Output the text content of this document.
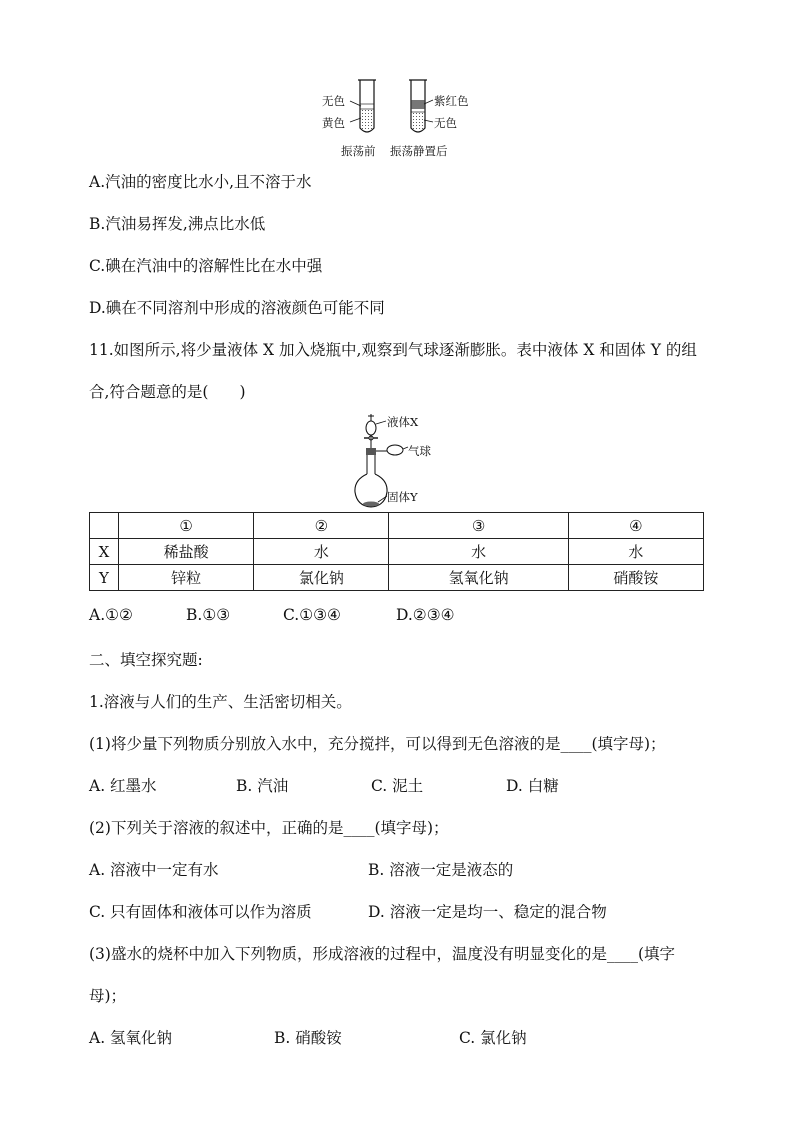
无色
黄色
紫红色
无色
振荡前 振荡静置后
A.汽油的密度比水小,且不溶于水
B.汽油易挥发,沸点比水低
C.碘在汽油中的溶解性比在水中强
D.碘在不同溶剂中形成的溶液颜色可能不同
11.如图所示,将少量液体 X 加入烧瓶中,观察到气球逐渐膨胀。表中液体 X 和固体 Y 的组
合,符合题意的是(　　)
液体X
气球
固体Y
	①	②	③	④
X	稀盐酸	水	水	水
Y	锌粒	氯化钠	氢氧化钠	硝酸铵
A.①②	B.①③	C.①③④	D.②③④
二、填空探究题:
1.溶液与人们的生产、生活密切相关。
(1)将少量下列物质分别放入水中，充分搅拌，可以得到无色溶液的是____(填字母)；
A. 红墨水	B. 汽油	C. 泥土	D. 白糖
(2)下列关于溶液的叙述中，正确的是____(填字母)；
A. 溶液中一定有水	B. 溶液一定是液态的
C. 只有固体和液体可以作为溶质	D. 溶液一定是均一、稳定的混合物
(3)盛水的烧杯中加入下列物质，形成溶液的过程中，温度没有明显变化的是____(填字
母)；
A. 氢氧化钠	B. 硝酸铵	C. 氯化钠
